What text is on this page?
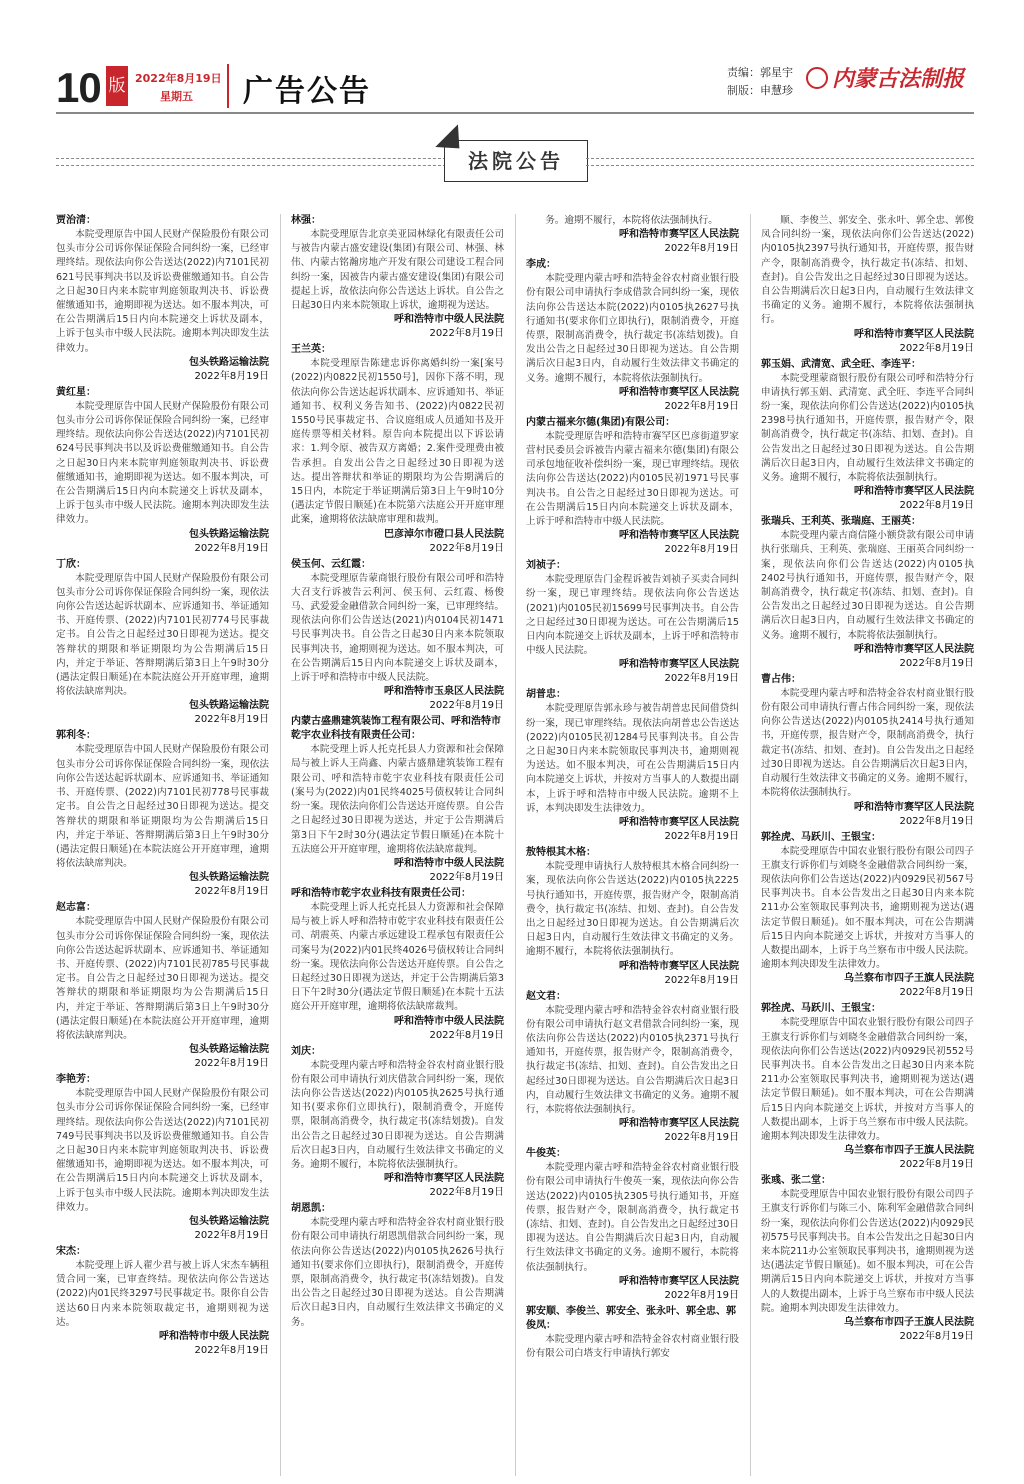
10 版 2022年8月19日
星期五 广告公告
责编：郭星宇
制版：申慧珍	内蒙古法制报
法院公告

贾治清：

本院受理原告中国人民财产保险股份有限公司包头市分公司诉你保证保险合同纠纷一案，已经审理终结。现依法向你公告送达(2022)内7101民初621号民事判决书以及诉讼费催缴通知书。自公告之日起30日内来本院审判庭领取判决书、诉讼费催缴通知书，逾期即视为送达。如不服本判决，可在公告期满后15日内向本院递交上诉状及副本，上诉于包头市中级人民法院。逾期本判决即发生法律效力。

包头铁路运输法院

2022年8月19日

黄红星：

本院受理原告中国人民财产保险股份有限公司包头市分公司诉你保证保险合同纠纷一案，已经审理终结。现依法向你公告送达(2022)内7101民初624号民事判决书以及诉讼费催缴通知书。自公告之日起30日内来本院审判庭领取判决书、诉讼费催缴通知书，逾期即视为送达。如不服本判决，可在公告期满后15日内向本院递交上诉状及副本，上诉于包头市中级人民法院。逾期本判决即发生法律效力。

包头铁路运输法院

2022年8月19日

丁欣：

本院受理原告中国人民财产保险股份有限公司包头市分公司诉你保证保险合同纠纷一案，现依法向你公告送达起诉状副本、应诉通知书、举证通知书、开庭传票、(2022)内7101民初774号民事裁定书。自公告之日起经过30日即视为送达。提交答辩状的期限和举证期限均为公告期满后15日内，并定于举证、答辩期满后第3日上午9时30分(遇法定假日顺延)在本院法庭公开开庭审理，逾期将依法缺席判决。

包头铁路运输法院

2022年8月19日

郭利冬：

本院受理原告中国人民财产保险股份有限公司包头市分公司诉你保证保险合同纠纷一案，现依法向你公告送达起诉状副本、应诉通知书、举证通知书、开庭传票、(2022)内7101民初778号民事裁定书。自公告之日起经过30日即视为送达。提交答辩状的期限和举证期限均为公告期满后15日内，并定于举证、答辩期满后第3日上午9时30分(遇法定假日顺延)在本院法庭公开开庭审理，逾期将依法缺席判决。

包头铁路运输法院

2022年8月19日

赵志富：

本院受理原告中国人民财产保险股份有限公司包头市分公司诉你保证保险合同纠纷一案，现依法向你公告送达起诉状副本、应诉通知书、举证通知书、开庭传票、(2022)内7101民初785号民事裁定书。自公告之日起经过30日即视为送达。提交答辩状的期限和举证期限均为公告期满后15日内，并定于举证、答辩期满后第3日上午9时30分(遇法定假日顺延)在本院法庭公开开庭审理，逾期将依法缺席判决。

包头铁路运输法院

2022年8月19日

李艳芳：

本院受理原告中国人民财产保险股份有限公司包头市分公司诉你保证保险合同纠纷一案，已经审理终结。现依法向你公告送达(2022)内7101民初749号民事判决书以及诉讼费催缴通知书。自公告之日起30日内来本院审判庭领取判决书、诉讼费催缴通知书，逾期即视为送达。如不服本判决，可在公告期满后15日内向本院递交上诉状及副本，上诉于包头市中级人民法院。逾期本判决即发生法律效力。

包头铁路运输法院

2022年8月19日

宋杰：

本院受理上诉人翟少君与被上诉人宋杰车辆租赁合同一案，已审查终结。现依法向你公告送达(2022)内01民终3297号民事裁定书。限你自公告送达60日内来本院领取裁定书，逾期则视为送达。

呼和浩特市中级人民法院

2022年8月19日

林强：

本院受理原告北京美亚园林绿化有限责任公司与被告内蒙古盛安建设(集团)有限公司、林强、林伟、内蒙古铭瀚房地产开发有限公司建设工程合同纠纷一案，因被告内蒙古盛安建设(集团)有限公司提起上诉，故依法向你公告送达上诉状。自公告之日起30日内来本院领取上诉状，逾期视为送达。

呼和浩特市中级人民法院

2022年8月19日

王兰英：

本院受理原告陈建忠诉你离婚纠纷一案[案号(2022)内0822民初1550号]，因你下落不明，现依法向你公告送达起诉状副本、应诉通知书、举证通知书、权利义务告知书、(2022)内0822民初1550号民事裁定书、合议庭组成人员通知书及开庭传票等相关材料。原告向本院提出以下诉讼请求：1.判令原、被告双方离婚；2.案件受理费由被告承担。自发出公告之日起经过30日即视为送达。提出答辩状和举证的期限均为公告期满后的15日内，本院定于举证期满后第3日上午9时10分(遇法定节假日顺延)在本院第六法庭公开开庭审理此案，逾期将依法缺席审理和裁判。

巴彦淖尔市磴口县人民法院

2022年8月19日

侯玉何、云红霞：

本院受理原告蒙商银行股份有限公司呼和浩特大召支行诉被告云利河、侯玉何、云红霞、杨俊马、武爱爱金融借款合同纠纷一案，已审理终结。现依法向你们公告送达(2021)内0104民初1471号民事判决书。自公告之日起30日内来本院领取民事判决书，逾期则视为送达。如不服本判决，可在公告期满后15日内向本院递交上诉状及副本，上诉于呼和浩特市中级人民法院。

呼和浩特市玉泉区人民法院

2022年8月19日

内蒙古盛鼎建筑装饰工程有限公司、呼和浩特市乾宇农业科技有限责任公司：

本院受理上诉人托克托县人力资源和社会保障局与被上诉人王尚鑫、内蒙古盛鼎建筑装饰工程有限公司、呼和浩特市乾宇农业科技有限责任公司(案号为(2022)内01民终4025号债权转让合同纠纷一案。现依法向你们公告送达开庭传票。自公告之日起经过30日即视为送达，并定于公告期满后第3日下午2时30分(遇法定节假日顺延)在本院十五法庭公开开庭审理，逾期将依法缺席裁判。

呼和浩特市中级人民法院

2022年8月19日

呼和浩特市乾宇农业科技有限责任公司：

本院受理上诉人托克托县人力资源和社会保障局与被上诉人呼和浩特市乾宇农业科技有限责任公司、胡震英、内蒙古承远建设工程承包有限责任公司案号为(2022)内01民终4026号债权转让合同纠纷一案。现依法向你公告送达开庭传票。自公告之日起经过30日即视为送达，并定于公告期满后第3日下午2时30分(遇法定节假日顺延)在本院十五法庭公开开庭审理，逾期将依法缺席裁判。

呼和浩特市中级人民法院

2022年8月19日

刘庆：

本院受理内蒙古呼和浩特金谷农村商业银行股份有限公司申请执行刘庆借款合同纠纷一案，现依法向你公告送达(2022)内0105执2625号执行通知书(要求你们立即执行)，限制消费令，开庭传票，限制高消费令，执行裁定书(冻结划拨)。自发出公告之日起经过30日即视为送达。自公告期满后次日起3日内，自动履行生效法律文书确定的义务。逾期不履行，本院将依法强制执行。

呼和浩特市赛罕区人民法院

2022年8月19日

胡恩凯：

本院受理内蒙古呼和浩特金谷农村商业银行股份有限公司申请执行胡恩凯借款合同纠纷一案，现依法向你公告送达(2022)内0105执2626号执行通知书(要求你们立即执行)，限制消费令，开庭传票，限制高消费令，执行裁定书(冻结划拨)。自发出公告之日起经过30日即视为送达。自公告期满后次日起3日内，自动履行生效法律文书确定的义务。

务。逾期不履行，本院将依法强制执行。

呼和浩特市赛罕区人民法院

2022年8月19日

李成：

本院受理内蒙古呼和浩特金谷农村商业银行股份有限公司申请执行李成借款合同纠纷一案，现依法向你公告送达本院(2022)内0105执2627号执行通知书(要求你们立即执行)，限制消费令，开庭传票，限制高消费令，执行裁定书(冻结划拨)。自发出公告之日起经过30日即视为送达。自公告期满后次日起3日内，自动履行生效法律文书确定的义务。逾期不履行，本院将依法强制执行。

呼和浩特市赛罕区人民法院

2022年8月19日

内蒙古福来尔德(集团)有限公司：

本院受理原告呼和浩特市赛罕区巴彦街道罗家营村民委员会诉被告内蒙古福来尔德(集团)有限公司承包地征收补偿纠纷一案，现已审理终结。现依法向你公告送达(2022)内0105民初1971号民事判决书。自公告之日起经过30日即视为送达。可在公告期满后15日内向本院递交上诉状及副本，上诉于呼和浩特市中级人民法院。

呼和浩特市赛罕区人民法院

2022年8月19日

刘祯子：

本院受理原告门金程诉被告刘祯子买卖合同纠纷一案，现已审理终结。现依法向你公告送达(2021)内0105民初15699号民事判决书。自公告之日起经过30日即视为送达。可在公告期满后15日内向本院递交上诉状及副本，上诉于呼和浩特市中级人民法院。

呼和浩特市赛罕区人民法院

2022年8月19日

胡普忠：

本院受理原告郭永珍与被告胡普忠民间借贷纠纷一案，现已审理终结。现依法向胡普忠公告送达(2022)内0105民初1284号民事判决书。自公告之日起30日内来本院领取民事判决书，逾期则视为送达。如不服本判决，可在公告期满后15日内向本院递交上诉状，并按对方当事人的人数提出副本，上诉于呼和浩特市中级人民法院。逾期不上诉，本判决即发生法律效力。

呼和浩特市赛罕区人民法院

2022年8月19日

敖特根其木格：

本院受理申请执行人敖特根其木格合同纠纷一案，现依法向你公告送达(2022)内0105执2225号执行通知书，开庭传票，报告财产令，限制高消费令，执行裁定书(冻结、扣划、查封)。自公告发出之日起经过30日即视为送达。自公告期满后次日起3日内，自动履行生效法律文书确定的义务。逾期不履行，本院将依法强制执行。

呼和浩特市赛罕区人民法院

2022年8月19日

赵文君：

本院受理内蒙古呼和浩特金谷农村商业银行股份有限公司申请执行赵文君借款合同纠纷一案，现依法向你公告送达(2022)内0105执2371号执行通知书，开庭传票，报告财产令，限制高消费令，执行裁定书(冻结、扣划、查封)。自公告发出之日起经过30日即视为送达。自公告期满后次日起3日内，自动履行生效法律文书确定的义务。逾期不履行，本院将依法强制执行。

呼和浩特市赛罕区人民法院

2022年8月19日

牛俊英：

本院受理内蒙古呼和浩特金谷农村商业银行股份有限公司申请执行牛俊英一案，现依法向你公告送达(2022)内0105执2305号执行通知书，开庭传票，报告财产令，限制高消费令，执行裁定书(冻结、扣划、查封)。自公告发出之日起经过30日即视为送达。自公告期满后次日起3日内，自动履行生效法律文书确定的义务。逾期不履行，本院将依法强制执行。

呼和浩特市赛罕区人民法院

2022年8月19日

郭安顺、李俊兰、郭安全、张永叶、郭全忠、郭俊凤：

本院受理内蒙古呼和浩特金谷农村商业银行股份有限公司白塔支行申请执行郭安

顺、李俊兰、郭安全、张永叶、郭全忠、郭俊凤合同纠纷一案，现依法向你们公告送达(2022)内0105执2397号执行通知书，开庭传票，报告财产令，限制高消费令，执行裁定书(冻结、扣划、查封)。自公告发出之日起经过30日即视为送达。自公告期满后次日起3日内，自动履行生效法律文书确定的义务。逾期不履行，本院将依法强制执行。

呼和浩特市赛罕区人民法院

2022年8月19日

郭玉娟、武清宽、武全旺、李连平：

本院受理蒙商银行股份有限公司呼和浩特分行申请执行郭玉娟、武清宽、武全旺、李连平合同纠纷一案，现依法向你们公告送达(2022)内0105执2398号执行通知书，开庭传票，报告财产令，限制高消费令，执行裁定书(冻结、扣划、查封)。自公告发出之日起经过30日即视为送达。自公告期满后次日起3日内，自动履行生效法律文书确定的义务。逾期不履行，本院将依法强制执行。

呼和浩特市赛罕区人民法院

2022年8月19日

张瑞兵、王利英、张瑞庭、王丽英：

本院受理内蒙古商信隆小额贷款有限公司申请执行张瑞兵、王利英、张瑞庭、王丽英合同纠纷一案，现依法向你们公告送达(2022)内0105执2402号执行通知书，开庭传票，报告财产令，限制高消费令，执行裁定书(冻结、扣划、查封)。自公告发出之日起经过30日即视为送达。自公告期满后次日起3日内，自动履行生效法律文书确定的义务。逾期不履行，本院将依法强制执行。

呼和浩特市赛罕区人民法院

2022年8月19日

曹占伟：

本院受理内蒙古呼和浩特金谷农村商业银行股份有限公司申请执行曹占伟合同纠纷一案，现依法向你公告送达(2022)内0105执2414号执行通知书，开庭传票，报告财产令，限制高消费令，执行裁定书(冻结、扣划、查封)。自公告发出之日起经过30日即视为送达。自公告期满后次日起3日内，自动履行生效法律文书确定的义务。逾期不履行，本院将依法强制执行。

呼和浩特市赛罕区人民法院

2022年8月19日

郭拴虎、马跃川、王银宝：

本院受理原告中国农业银行股份有限公司四子王旗支行诉你们与刘晓冬金融借款合同纠纷一案，现依法向你们公告送达(2022)内0929民初567号民事判决书。自本公告发出之日起30日内来本院211办公室领取民事判决书，逾期则视为送达(遇法定节假日顺延)。如不服本判决，可在公告期满后15日内向本院递交上诉状，并按对方当事人的人数提出副本，上诉于乌兰察布市中级人民法院。逾期本判决即发生法律效力。

乌兰察布市四子王旗人民法院

2022年8月19日

郭拴虎、马跃川、王银宝：

本院受理原告中国农业银行股份有限公司四子王旗支行诉你们与刘晓冬金融借款合同纠纷一案，现依法向你们公告送达(2022)内0929民初552号民事判决书。自本公告发出之日起30日内来本院211办公室领取民事判决书，逾期则视为送达(遇法定节假日顺延)。如不服本判决，可在公告期满后15日内向本院递交上诉状，并按对方当事人的人数提出副本，上诉于乌兰察布市中级人民法院。逾期本判决即发生法律效力。

乌兰察布市四子王旗人民法院

2022年8月19日

张彧、张二堂：

本院受理原告中国农业银行股份有限公司四子王旗支行诉你们与陈三小、陈利军金融借款合同纠纷一案，现依法向你们公告送达(2022)内0929民初575号民事判决书。自本公告发出之日起30日内来本院211办公室领取民事判决书，逾期则视为送达(遇法定节假日顺延)。如不服本判决，可在公告期满后15日内向本院递交上诉状，并按对方当事人的人数提出副本，上诉于乌兰察布市中级人民法院。逾期本判决即发生法律效力。

乌兰察布市四子王旗人民法院

2022年8月19日
